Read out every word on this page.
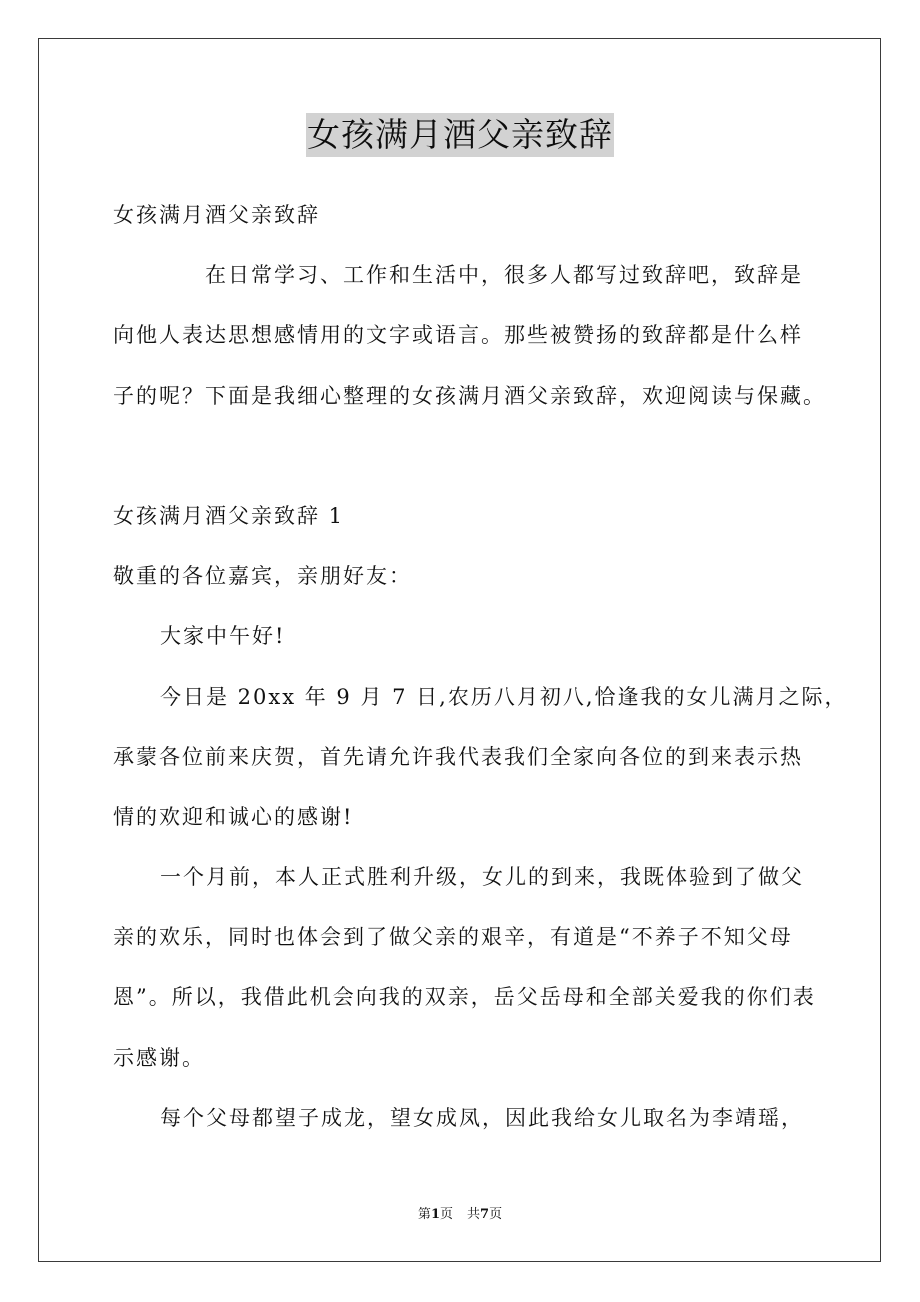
女孩满月酒父亲致辞
女孩满月酒父亲致辞
在日常学习、工作和生活中，很多人都写过致辞吧，致辞是
向他人表达思想感情用的文字或语言。那些被赞扬的致辞都是什么样
子的呢？下面是我细心整理的女孩满月酒父亲致辞，欢迎阅读与保藏。
女孩满月酒父亲致辞 1
敬重的各位嘉宾，亲朋好友：
大家中午好!
今日是 20xx 年 9 月 7 日,农历八月初八,恰逢我的女儿满月之际，
承蒙各位前来庆贺，首先请允许我代表我们全家向各位的到来表示热
情的欢迎和诚心的感谢!
一个月前，本人正式胜利升级，女儿的到来，我既体验到了做父
亲的欢乐，同时也体会到了做父亲的艰辛，有道是“不养子不知父母
恩”。所以，我借此机会向我的双亲，岳父岳母和全部关爱我的你们表
示感谢。
每个父母都望子成龙，望女成凤，因此我给女儿取名为李靖瑶，
第1页 共7页
